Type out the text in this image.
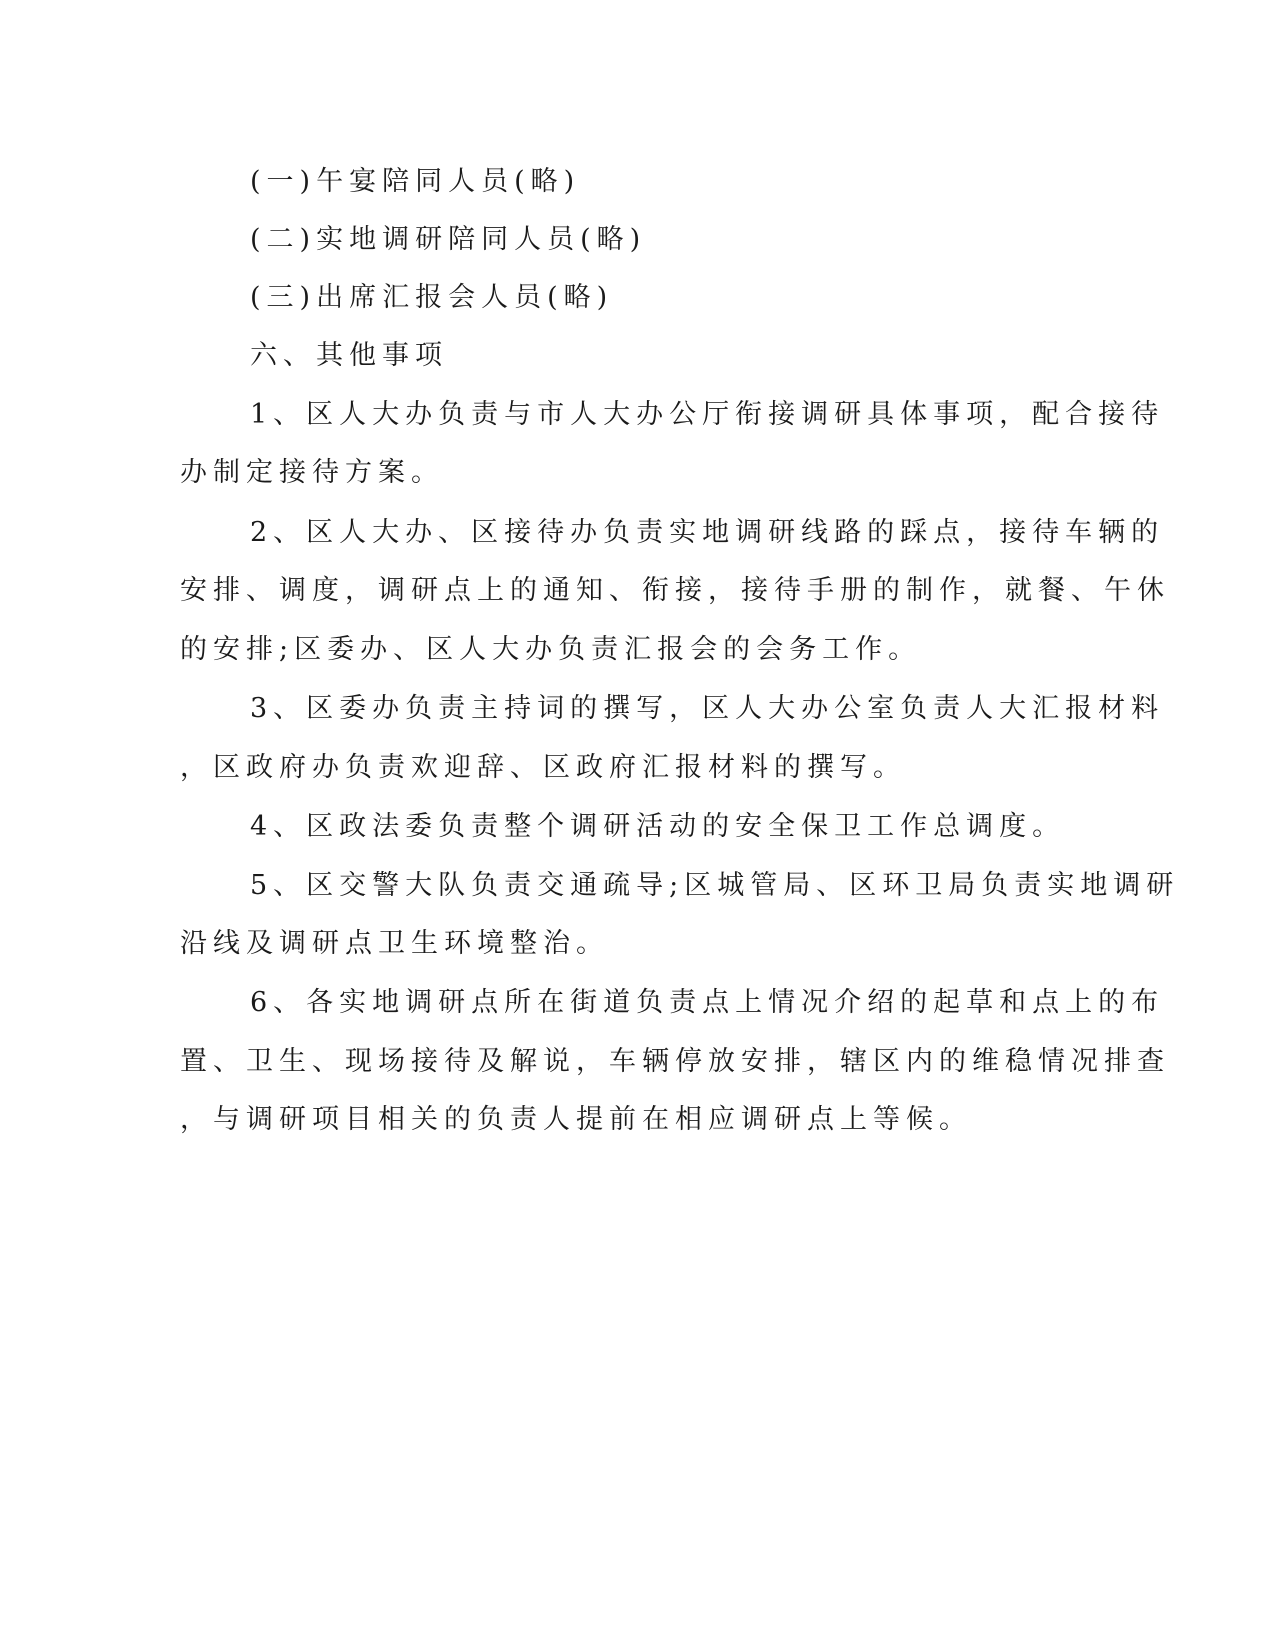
(一)午宴陪同人员(略)
(二)实地调研陪同人员(略)
(三)出席汇报会人员(略)
六、其他事项
1、区人大办负责与市人大办公厅衔接调研具体事项，配合接待
办制定接待方案。
2、区人大办、区接待办负责实地调研线路的踩点，接待车辆的
安排、调度，调研点上的通知、衔接，接待手册的制作，就餐、午休
的安排;区委办、区人大办负责汇报会的会务工作。
3、区委办负责主持词的撰写，区人大办公室负责人大汇报材料
，区政府办负责欢迎辞、区政府汇报材料的撰写。
4、区政法委负责整个调研活动的安全保卫工作总调度。
5、区交警大队负责交通疏导;区城管局、区环卫局负责实地调研
沿线及调研点卫生环境整治。
6、各实地调研点所在街道负责点上情况介绍的起草和点上的布
置、卫生、现场接待及解说，车辆停放安排，辖区内的维稳情况排查
，与调研项目相关的负责人提前在相应调研点上等候。
